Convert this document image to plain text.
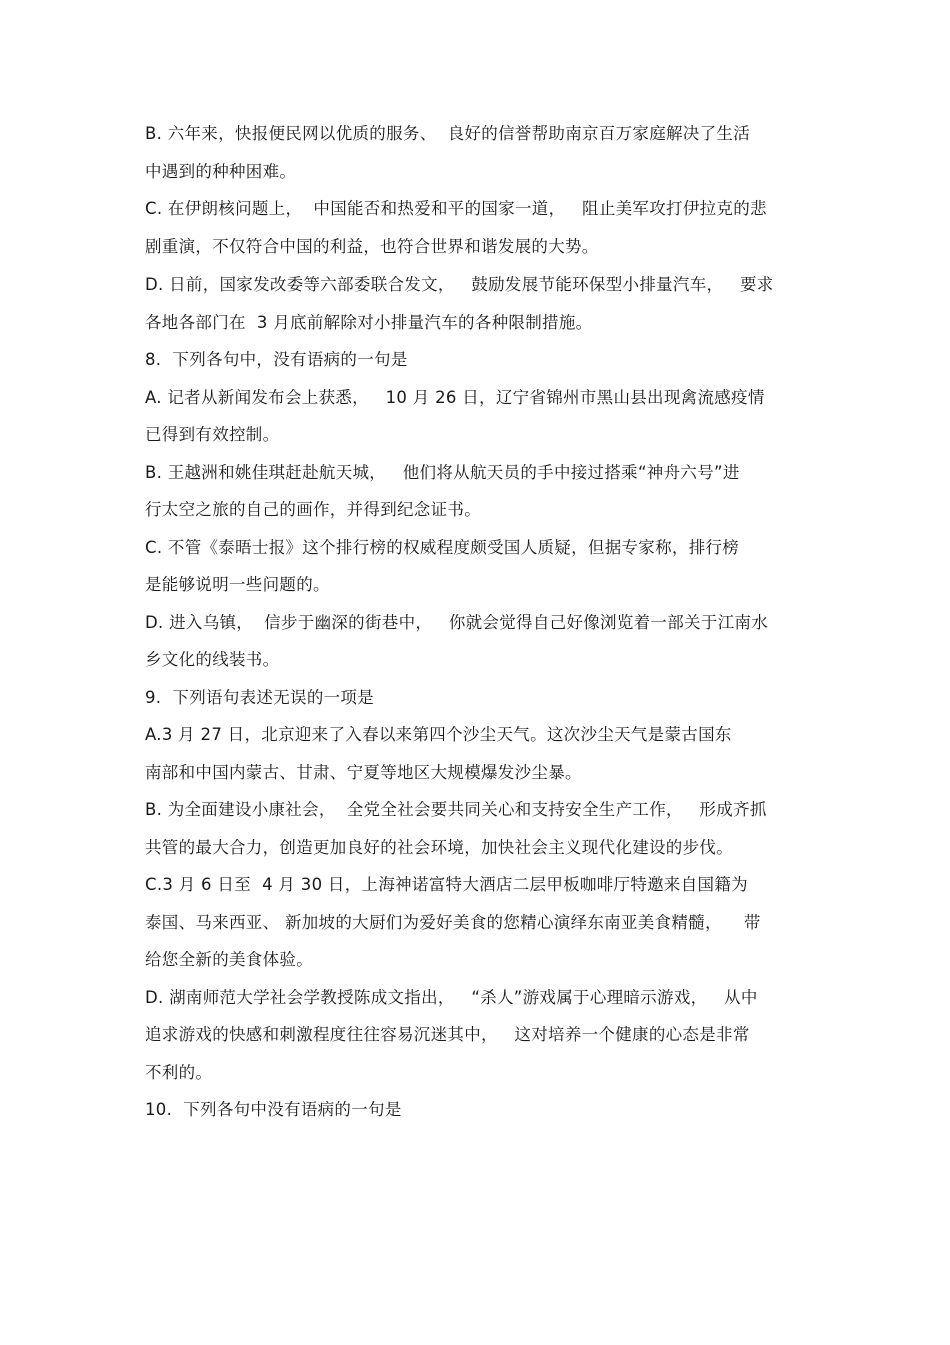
B. 六年来，快报便民网以优质的服务、  良好的信誉帮助南京百万家庭解决了生活
中遇到的种种困难。
C. 在伊朗核问题上，  中国能否和热爱和平的国家一道，   阻止美军攻打伊拉克的悲
剧重演，不仅符合中国的利益，也符合世界和谐发展的大势。
D. 日前，国家发改委等六部委联合发文，   鼓励发展节能环保型小排量汽车，   要求
各地各部门在  3 月底前解除对小排量汽车的各种限制措施。
8.  下列各句中，没有语病的一句是
A. 记者从新闻发布会上获悉，   10 月 26 日，辽宁省锦州市黑山县出现禽流感疫情
已得到有效控制。
B. 王越洲和姚佳琪赶赴航天城，   他们将从航天员的手中接过搭乘“神舟六号”进
行太空之旅的自己的画作，并得到纪念证书。
C. 不管《泰晤士报》这个排行榜的权威程度颇受国人质疑，但据专家称，排行榜
是能够说明一些问题的。
D. 进入乌镇，  信步于幽深的街巷中，   你就会觉得自己好像浏览着一部关于江南水
乡文化的线装书。
9.  下列语句表述无误的一项是
A.3 月 27 日，北京迎来了入春以来第四个沙尘天气。这次沙尘天气是蒙古国东
南部和中国内蒙古、甘肃、宁夏等地区大规模爆发沙尘暴。
B. 为全面建设小康社会，  全党全社会要共同关心和支持安全生产工作，   形成齐抓
共管的最大合力，创造更加良好的社会环境，加快社会主义现代化建设的步伐。
C.3 月 6 日至  4 月 30 日，上海神诺富特大酒店二层甲板咖啡厅特邀来自国籍为
泰国、马来西亚、 新加坡的大厨们为爱好美食的您精心演绎东南亚美食精髓，    带
给您全新的美食体验。
D. 湖南师范大学社会学教授陈成文指出，   “杀人”游戏属于心理暗示游戏，   从中
追求游戏的快感和刺激程度往往容易沉迷其中，   这对培养一个健康的心态是非常
不利的。
10.  下列各句中没有语病的一句是
